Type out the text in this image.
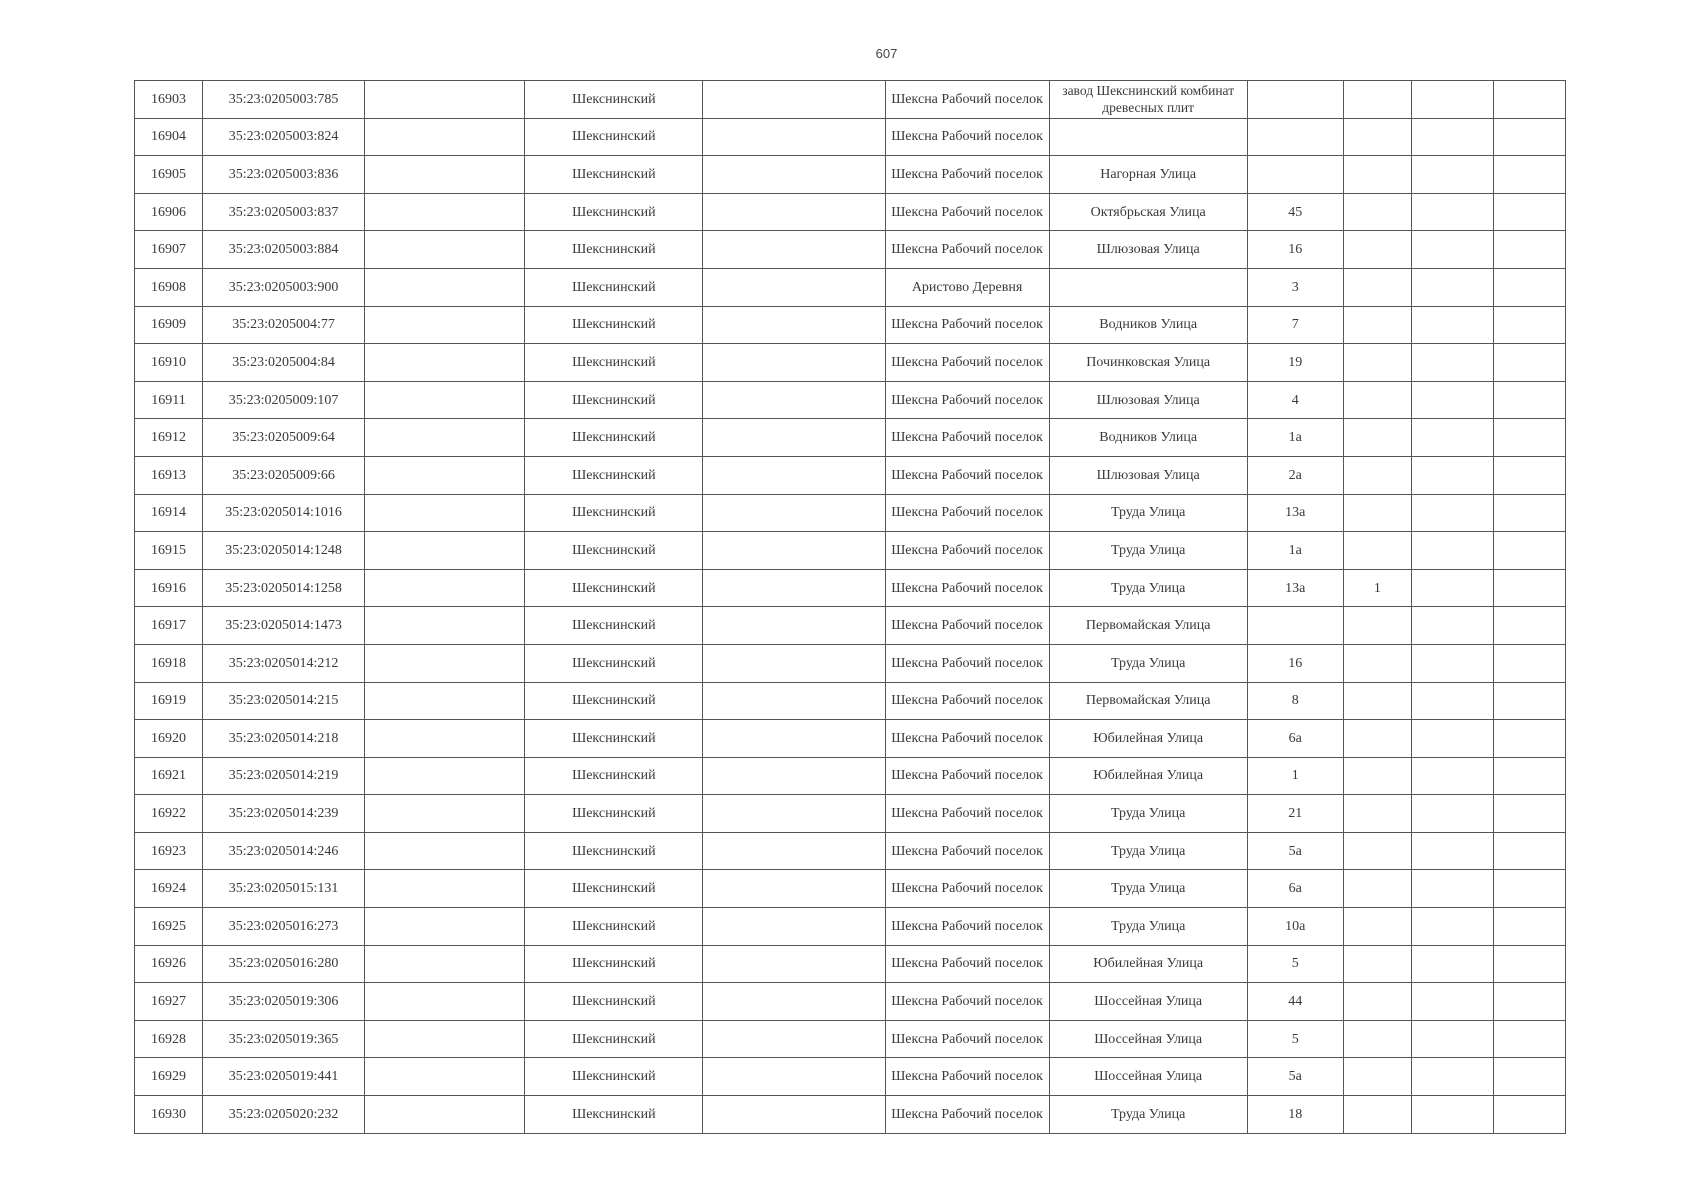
607
16903	35:23:0205003:785		Шекснинский		Шексна Рабочий поселок	завод Шекснинский комбинат древесных плит				
16904	35:23:0205003:824		Шекснинский		Шексна Рабочий поселок					
16905	35:23:0205003:836		Шекснинский		Шексна Рабочий поселок	Нагорная Улица				
16906	35:23:0205003:837		Шекснинский		Шексна Рабочий поселок	Октябрьская Улица	45			
16907	35:23:0205003:884		Шекснинский		Шексна Рабочий поселок	Шлюзовая Улица	16			
16908	35:23:0205003:900		Шекснинский		Аристово Деревня		3			
16909	35:23:0205004:77		Шекснинский		Шексна Рабочий поселок	Водников Улица	7			
16910	35:23:0205004:84		Шекснинский		Шексна Рабочий поселок	Починковская Улица	19			
16911	35:23:0205009:107		Шекснинский		Шексна Рабочий поселок	Шлюзовая Улица	4			
16912	35:23:0205009:64		Шекснинский		Шексна Рабочий поселок	Водников Улица	1а			
16913	35:23:0205009:66		Шекснинский		Шексна Рабочий поселок	Шлюзовая Улица	2а			
16914	35:23:0205014:1016		Шекснинский		Шексна Рабочий поселок	Труда Улица	13а			
16915	35:23:0205014:1248		Шекснинский		Шексна Рабочий поселок	Труда Улица	1а			
16916	35:23:0205014:1258		Шекснинский		Шексна Рабочий поселок	Труда Улица	13а	1		
16917	35:23:0205014:1473		Шекснинский		Шексна Рабочий поселок	Первомайская Улица				
16918	35:23:0205014:212		Шекснинский		Шексна Рабочий поселок	Труда Улица	16			
16919	35:23:0205014:215		Шекснинский		Шексна Рабочий поселок	Первомайская Улица	8			
16920	35:23:0205014:218		Шекснинский		Шексна Рабочий поселок	Юбилейная Улица	6а			
16921	35:23:0205014:219		Шекснинский		Шексна Рабочий поселок	Юбилейная Улица	1			
16922	35:23:0205014:239		Шекснинский		Шексна Рабочий поселок	Труда Улица	21			
16923	35:23:0205014:246		Шекснинский		Шексна Рабочий поселок	Труда Улица	5а			
16924	35:23:0205015:131		Шекснинский		Шексна Рабочий поселок	Труда Улица	6а			
16925	35:23:0205016:273		Шекснинский		Шексна Рабочий поселок	Труда Улица	10а			
16926	35:23:0205016:280		Шекснинский		Шексна Рабочий поселок	Юбилейная Улица	5			
16927	35:23:0205019:306		Шекснинский		Шексна Рабочий поселок	Шоссейная Улица	44			
16928	35:23:0205019:365		Шекснинский		Шексна Рабочий поселок	Шоссейная Улица	5			
16929	35:23:0205019:441		Шекснинский		Шексна Рабочий поселок	Шоссейная Улица	5а			
16930	35:23:0205020:232		Шекснинский		Шексна Рабочий поселок	Труда Улица	18			
